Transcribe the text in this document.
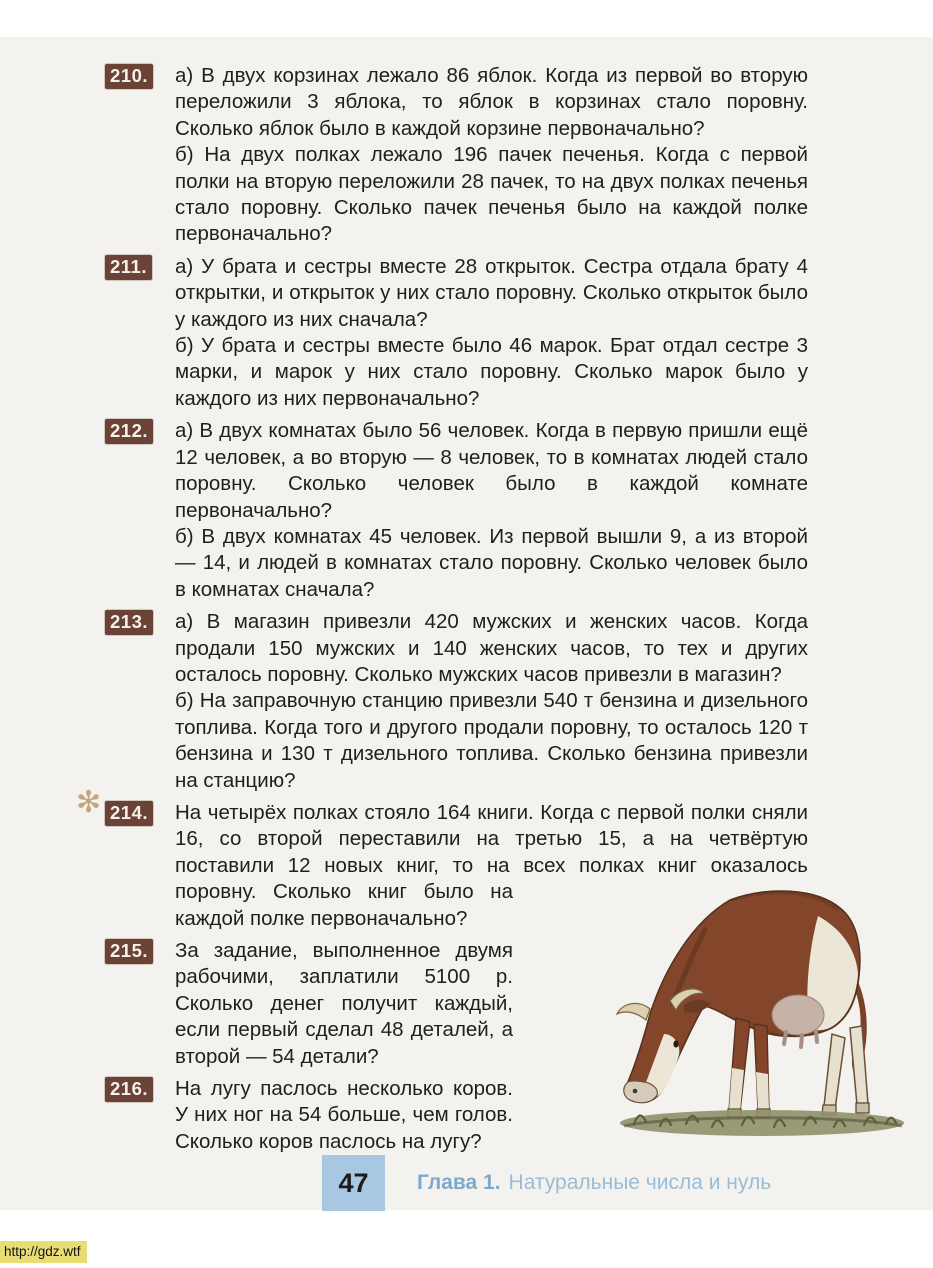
210. а) В двух корзинах лежало 86 яблок. Когда из первой во вторую переложили 3 яблока, то яблок в корзинах стало поровну. Сколько яблок было в каждой корзине первоначально?

б) На двух полках лежало 196 пачек печенья. Когда с первой полки на вторую переложили 28 пачек, то на двух полках печенья стало поровну. Сколько пачек печенья было на каждой полке первоначально?

211. а) У брата и сестры вместе 28 открыток. Сестра отдала брату 4 открытки, и открыток у них стало поровну. Сколько открыток было у каждого из них сначала?

б) У брата и сестры вместе было 46 марок. Брат отдал сестре 3 марки, и марок у них стало поровну. Сколько марок было у каждого из них первоначально?

212. а) В двух комнатах было 56 человек. Когда в первую пришли ещё 12 человек, а во вторую — 8 человек, то в комнатах людей стало поровну. Сколько человек было в каждой комнате первоначально?

б) В двух комнатах 45 человек. Из первой вышли 9, а из второй — 14, и людей в комнатах стало поровну. Сколько человек было в комнатах сначала?

213. а) В магазин привезли 420 мужских и женских часов. Когда продали 150 мужских и 140 женских часов, то тех и других осталось поровну. Сколько мужских часов привезли в магазин?

б) На заправочную станцию привезли 540 т бензина и дизельного топлива. Когда того и другого продали поровну, то осталось 120 т бензина и 130 т дизельного топлива. Сколько бензина привезли на станцию?

✻ 214. На четырёх полках стояло 164 книги. Когда с первой полки сняли 16, со второй переставили на третью 15, а на четвёртую поставили 12 новых книг, то на всех полках книг оказалось поровну. Сколько книг было на каждой полке первоначально?

215. За задание, выполненное двумя рабочими, заплатили 5100 р. Сколько денег получит каждый, если первый сделал 48 деталей, а второй — 54 детали?

216. На лугу паслось несколько коров. У них ног на 54 больше, чем голов. Сколько коров паслось на лугу?

47	Глава 1. Натуральные числа и нуль
http://gdz.wtf
